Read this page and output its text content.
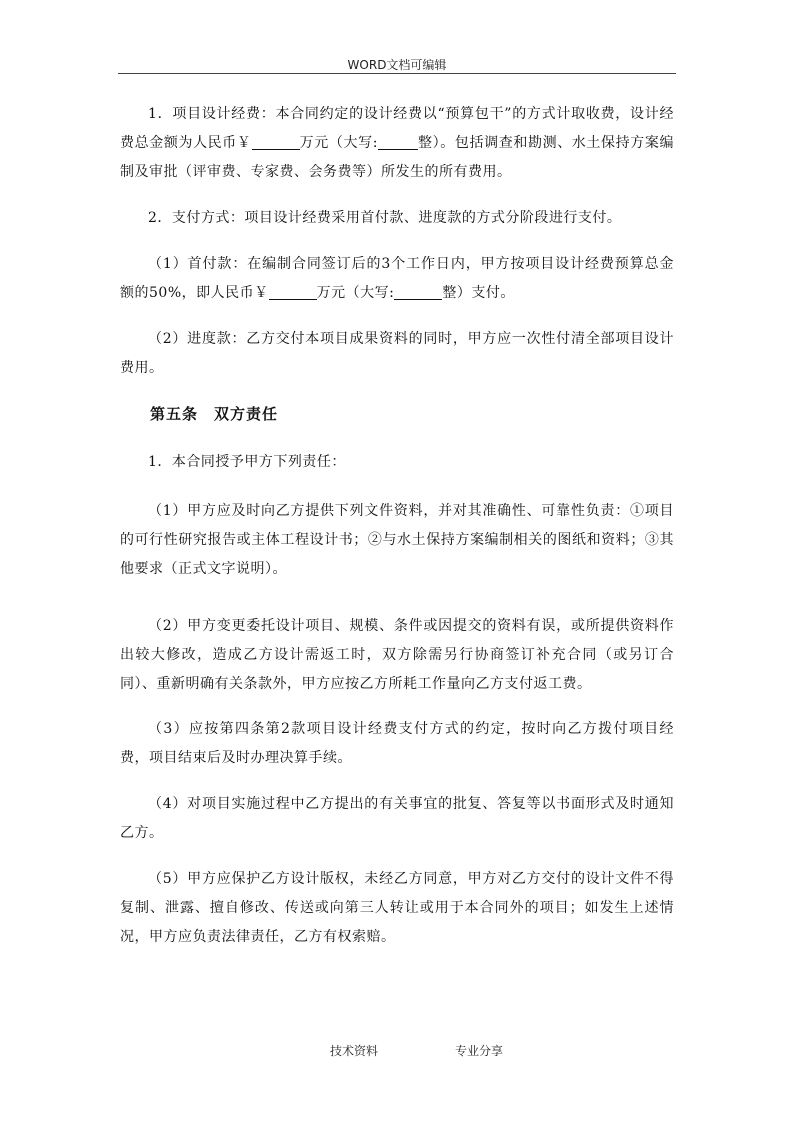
WORD文档可编辑

1．项目设计经费：本合同约定的设计经费以“预算包干”的方式计取收费，设计经费总金额为人民币￥	万元（大写:	整）。包括调查和勘测、水土保持方案编制及审批（评审费、专家费、会务费等）所发生的所有费用。

2．支付方式：项目设计经费采用首付款、进度款的方式分阶段进行支付。

（1）首付款：在编制合同签订后的3个工作日内，甲方按项目设计经费预算总金额的50%，即人民币￥	万元（大写:	整）支付。

（2）进度款：乙方交付本项目成果资料的同时，甲方应一次性付清全部项目设计费用。

第五条　双方责任

1．本合同授予甲方下列责任：

（1）甲方应及时向乙方提供下列文件资料，并对其准确性、可靠性负责：①项目的可行性研究报告或主体工程设计书；②与水土保持方案编制相关的图纸和资料；③其他要求（正式文字说明）。

（2）甲方变更委托设计项目、规模、条件或因提交的资料有误，或所提供资料作出较大修改，造成乙方设计需返工时，双方除需另行协商签订补充合同（或另订合同）、重新明确有关条款外，甲方应按乙方所耗工作量向乙方支付返工费。

（3）应按第四条第2款项目设计经费支付方式的约定，按时向乙方拨付项目经费，项目结束后及时办理决算手续。

（4）对项目实施过程中乙方提出的有关事宜的批复、答复等以书面形式及时通知乙方。

（5）甲方应保护乙方设计版权，未经乙方同意，甲方对乙方交付的设计文件不得复制、泄露、擅自修改、传送或向第三人转让或用于本合同外的项目；如发生上述情况，甲方应负责法律责任，乙方有权索赔。

技术资料	专业分享
